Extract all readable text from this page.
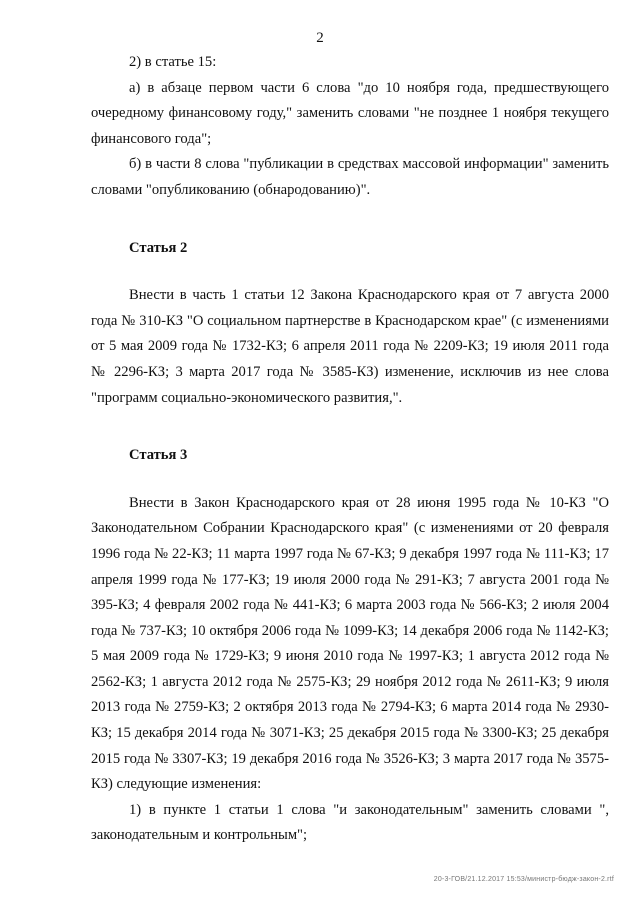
2

2) в статье 15:

а) в абзаце первом части 6 слова "до 10 ноября года, предшествующего очередному финансовому году," заменить словами "не позднее 1 ноября текущего финансового года";

б) в части 8 слова "публикации в средствах массовой информации" заменить словами "опубликованию (обнародованию)".

Статья 2

Внести в часть 1 статьи 12 Закона Краснодарского края от 7 августа 2000 года № 310-КЗ "О социальном партнерстве в Краснодарском крае" (с изменениями от 5 мая 2009 года № 1732-КЗ; 6 апреля 2011 года № 2209-КЗ; 19 июля 2011 года № 2296-КЗ; 3 марта 2017 года № 3585-КЗ) изменение, исключив из нее слова "программ социально-экономического развития,".

Статья 3

Внести в Закон Краснодарского края от 28 июня 1995 года № 10-КЗ "О Законодательном Собрании Краснодарского края" (с изменениями от 20 февраля 1996 года № 22-КЗ; 11 марта 1997 года № 67-КЗ; 9 декабря 1997 года № 111-КЗ; 17 апреля 1999 года № 177-КЗ; 19 июля 2000 года № 291-КЗ; 7 августа 2001 года № 395-КЗ; 4 февраля 2002 года № 441-КЗ; 6 марта 2003 года № 566-КЗ; 2 июля 2004 года № 737-КЗ; 10 октября 2006 года № 1099-КЗ; 14 декабря 2006 года № 1142-КЗ; 5 мая 2009 года № 1729-КЗ; 9 июня 2010 года № 1997-КЗ; 1 августа 2012 года № 2562-КЗ; 1 августа 2012 года № 2575-КЗ; 29 ноября 2012 года № 2611-КЗ; 9 июля 2013 года № 2759-КЗ; 2 октября 2013 года № 2794-КЗ; 6 марта 2014 года № 2930-КЗ; 15 декабря 2014 года № 3071-КЗ; 25 декабря 2015 года № 3300-КЗ; 25 декабря 2015 года № 3307-КЗ; 19 декабря 2016 года № 3526-КЗ; 3 марта 2017 года № 3575-КЗ) следующие изменения:

1) в пункте 1 статьи 1 слова "и законодательным" заменить словами ", законодательным и контрольным";

20-3-ГОВ/21.12.2017 15:53/министр-бюдж-закон-2.rtf
